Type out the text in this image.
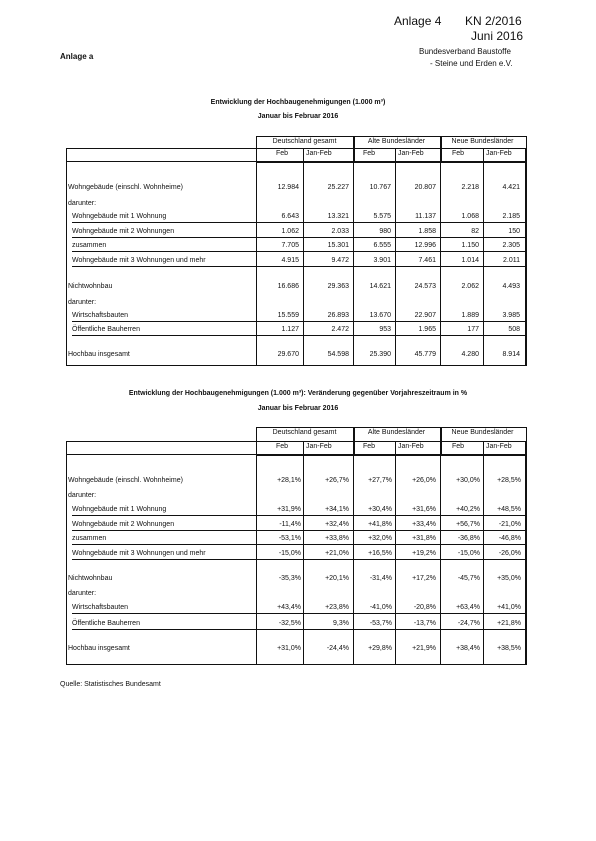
Anlage 4 KN 2/2016
Juni 2016
Anlage a
Bundesverband Baustoffe
- Steine und Erden e.V.
Entwicklung der Hochbaugenehmigungen (1.000 m³)
Januar bis Februar 2016
Entwicklung der Hochbaugenehmigungen (1.000 m³): Veränderung gegenüber Vorjahreszeitraum in %
Januar bis Februar 2016
Quelle: Statistisches Bundesamt
Deutschland gesamt	Alte Bundesländer	Neue Bundesländer
Feb	Jan-Feb	Feb	Jan-Feb	Feb	Jan-Feb
Wohngebäude (einschl. Wohnheime)	12.984	25.227	10.767	20.807	2.218	4.421
darunter:
Wohngebäude mit 1 Wohnung	6.643	13.321	5.575	11.137	1.068	2.185
Wohngebäude mit 2 Wohnungen	1.062	2.033	980	1.858	82	150
zusammen	7.705	15.301	6.555	12.996	1.150	2.305
Wohngebäude mit 3 Wohnungen und mehr	4.915	9.472	3.901	7.461	1.014	2.011
Nichtwohnbau	16.686	29.363	14.621	24.573	2.062	4.493
darunter:
Wirtschaftsbauten	15.559	26.893	13.670	22.907	1.889	3.985
Öffentliche Bauherren	1.127	2.472	953	1.965	177	508
Hochbau insgesamt	29.670	54.598	25.390	45.779	4.280	8.914
Deutschland gesamt	Alte Bundesländer	Neue Bundesländer
Feb	Jan-Feb	Feb	Jan-Feb	Feb	Jan-Feb
Wohngebäude (einschl. Wohnheime)	+28,1%	+26,7%	+27,7%	+26,0%	+30,0%	+28,5%
darunter:
Wohngebäude mit 1 Wohnung	+31,9%	+34,1%	+30,4%	+31,6%	+40,2%	+48,5%
Wohngebäude mit 2 Wohnungen	-11,4%	+32,4%	+41,8%	+33,4%	+56,7%	-21,0%
zusammen	-53,1%	+33,8%	+32,0%	+31,8%	-36,8%	-46,8%
Wohngebäude mit 3 Wohnungen und mehr	-15,0%	+21,0%	+16,5%	+19,2%	-15,0%	-26,0%
Nichtwohnbau	-35,3%	+20,1%	-31,4%	+17,2%	-45,7%	+35,0%
darunter:
Wirtschaftsbauten	+43,4%	+23,8%	-41,0%	-20,8%	+63,4%	+41,0%
Öffentliche Bauherren	-32,5%	9,3%	-53,7%	-13,7%	-24,7%	+21,8%
Hochbau insgesamt	+31,0%	-24,4%	+29,8%	+21,9%	+38,4%	+38,5%
